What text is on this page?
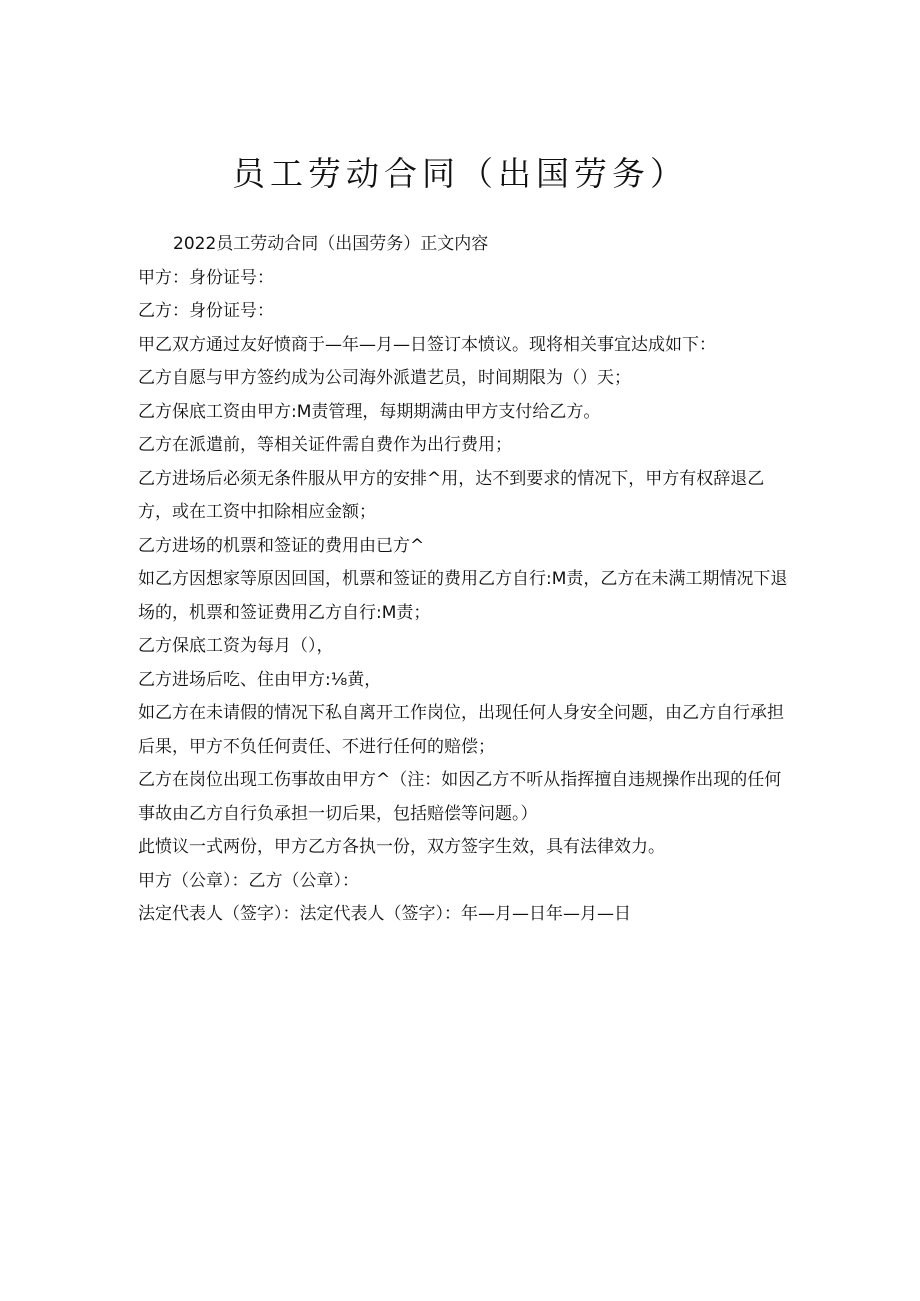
员工劳动合同（出国劳务）

2022员工劳动合同（出国劳务）正文内容

甲方：身份证号：

乙方：身份证号：

甲乙双方通过友好愤商于—年—月—日签订本愤议。现将相关事宜达成如下：

乙方自愿与甲方签约成为公司海外派遣艺员，时间期限为（）天；

乙方保底工资由甲方:M责管理，每期期满由甲方支付给乙方。

乙方在派遣前，等相关证件需自费作为出行费用；

乙方进场后必须无条件服从甲方的安排^用，达不到要求的情况下，甲方有权辞退乙方，或在工资中扣除相应金额；

乙方进场的机票和签证的费用由已方^

如乙方因想家等原因回国，机票和签证的费用乙方自行:M责，乙方在未满工期情况下退场的，机票和签证费用乙方自行:M责；

乙方保底工资为每月（），

乙方进场后吃、住由甲方:⅛黄，

如乙方在未请假的情况下私自离开工作岗位，出现任何人身安全问题，由乙方自行承担后果，甲方不负任何责任、不进行任何的赔偿；

乙方在岗位出现工伤事故由甲方^（注：如因乙方不听从指挥擅自违规操作出现的任何事故由乙方自行负承担一切后果，包括赔偿等问题。）

此愤议一式两份，甲方乙方各执一份，双方签字生效，具有法律效力。

甲方（公章）：乙方（公章）：

法定代表人（签字）：法定代表人（签字）：年—月—日年—月—日
